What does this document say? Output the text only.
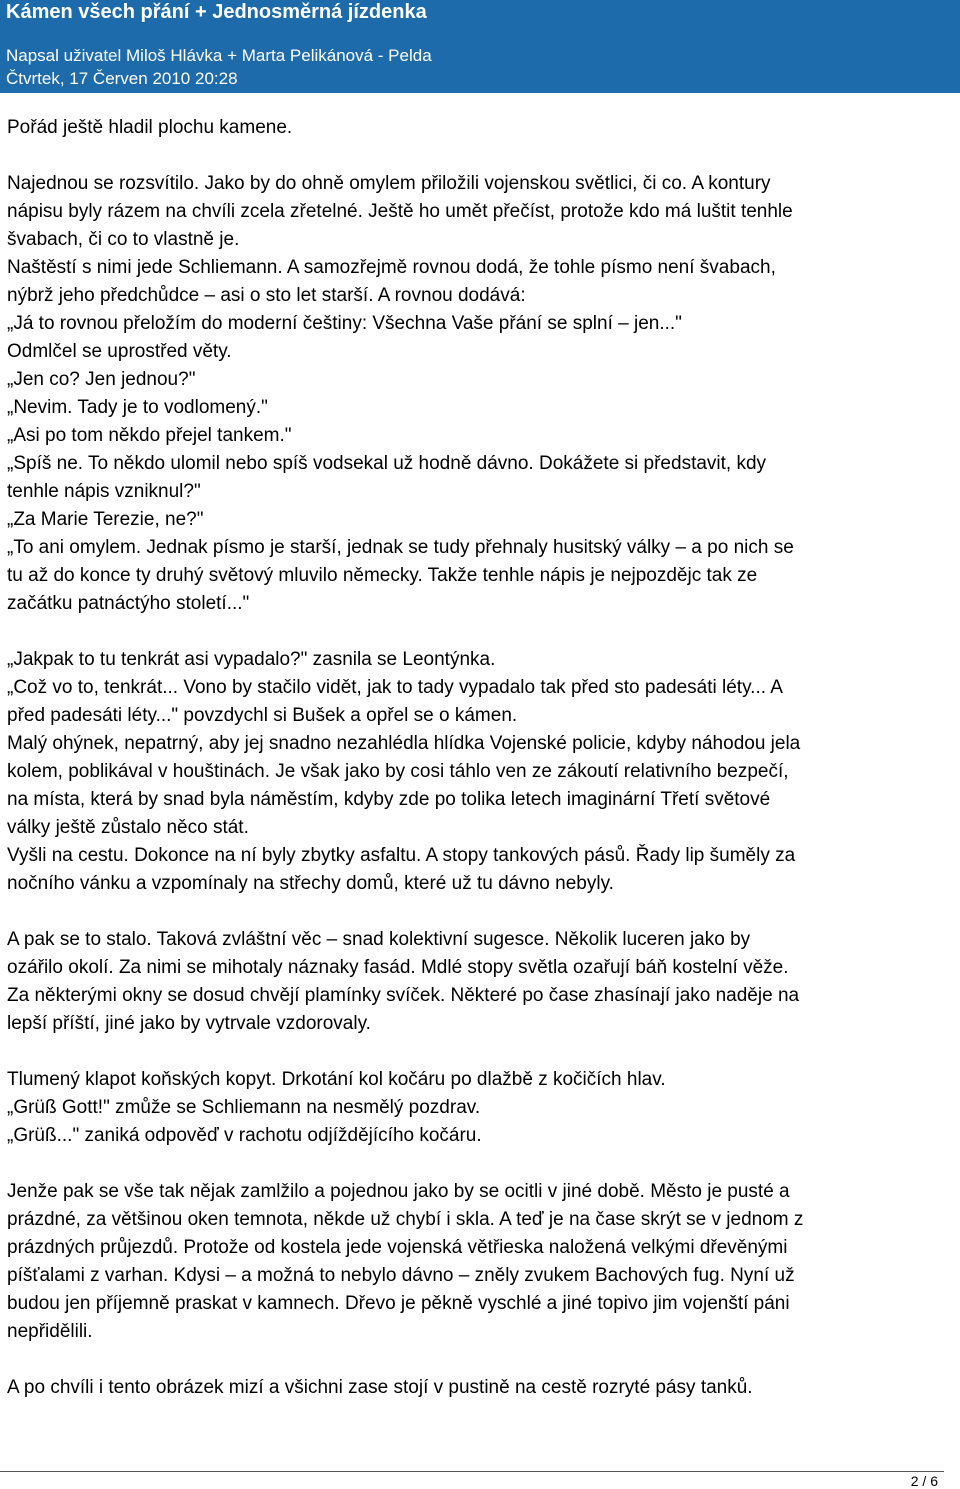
Kámen všech přání + Jednosměrná jízdenka
Napsal uživatel Miloš Hlávka + Marta Pelikánová - Pelda
Čtvrtek, 17 Červen 2010 20:28
Pořád ještě hladil plochu kamene.
Najednou se rozsvítilo. Jako by do ohně omylem přiložili vojenskou světlici, či co. A kontury
nápisu byly rázem na chvíli zcela zřetelné. Ještě ho umět přečíst, protože kdo má luštit tenhle
švabach, či co to vlastně je.
Naštěstí s nimi jede Schliemann. A samozřejmě rovnou dodá, že tohle písmo není švabach,
nýbrž jeho předchůdce – asi o sto let starší. A rovnou dodává:
„Já to rovnou přeložím do moderní češtiny: Všechna Vaše přání se splní – jen..."
Odmlčel se uprostřed věty.
„Jen co? Jen jednou?"
„Nevim. Tady je to vodlomený."
„Asi po tom někdo přejel tankem."
„Spíš ne. To někdo ulomil nebo spíš vodsekal už hodně dávno. Dokážete si představit, kdy
tenhle nápis vzniknul?"
„Za Marie Terezie, ne?"
„To ani omylem. Jednak písmo je starší, jednak se tudy přehnaly husitský války – a po nich se
tu až do konce ty druhý světový mluvilo německy. Takže tenhle nápis je nejpozdějc tak ze
začátku patnáctýho století..."
„Jakpak to tu tenkrát asi vypadalo?" zasnila se Leontýnka.
„Což vo to, tenkrát... Vono by stačilo vidět, jak to tady vypadalo tak před sto padesáti léty... A
před padesáti léty..." povzdychl si Bušek a opřel se o kámen.
Malý ohýnek, nepatrný, aby jej snadno nezahlédla hlídka Vojenské policie, kdyby náhodou jela
kolem, poblikával v houštinách. Je však jako by cosi táhlo ven ze zákoutí relativního bezpečí,
na místa, která by snad byla náměstím, kdyby zde po tolika letech imaginární Třetí světové
války ještě zůstalo něco stát.
Vyšli na cestu. Dokonce na ní byly zbytky asfaltu. A stopy tankových pásů. Řady lip šuměly za
nočního vánku a vzpomínaly na střechy domů, které už tu dávno nebyly.
A pak se to stalo. Taková zvláštní věc – snad kolektivní sugesce. Několik luceren jako by
ozářilo okolí. Za nimi se mihotaly náznaky fasád. Mdlé stopy světla ozařují báň kostelní věže.
Za některými okny se dosud chvějí plamínky svíček. Některé po čase zhasínají jako naděje na
lepší příští, jiné jako by vytrvale vzdorovaly.
Tlumený klapot koňských kopyt. Drkotání kol kočáru po dlažbě z kočičích hlav.
„Grüß Gott!" zmůže se Schliemann na nesmělý pozdrav.
„Grüß..." zaniká odpověď v rachotu odjíždějícího kočáru.
Jenže pak se vše tak nějak zamlžilo a pojednou jako by se ocitli v jiné době. Město je pusté a
prázdné, za většinou oken temnota, někde už chybí i skla. A teď je na čase skrýt se v jednom z
prázdných průjezdů. Protože od kostela jede vojenská větřieska naložená velkými dřevěnými
píšťalami z varhan. Kdysi – a možná to nebylo dávno – zněly zvukem Bachových fug. Nyní už
budou jen příjemně praskat v kamnech. Dřevo je pěkně vyschlé a jiné topivo jim vojenští páni
nepřidělili.
A po chvíli i tento obrázek mizí a všichni zase stojí v pustině na cestě rozryté pásy tanků.
2 / 6
